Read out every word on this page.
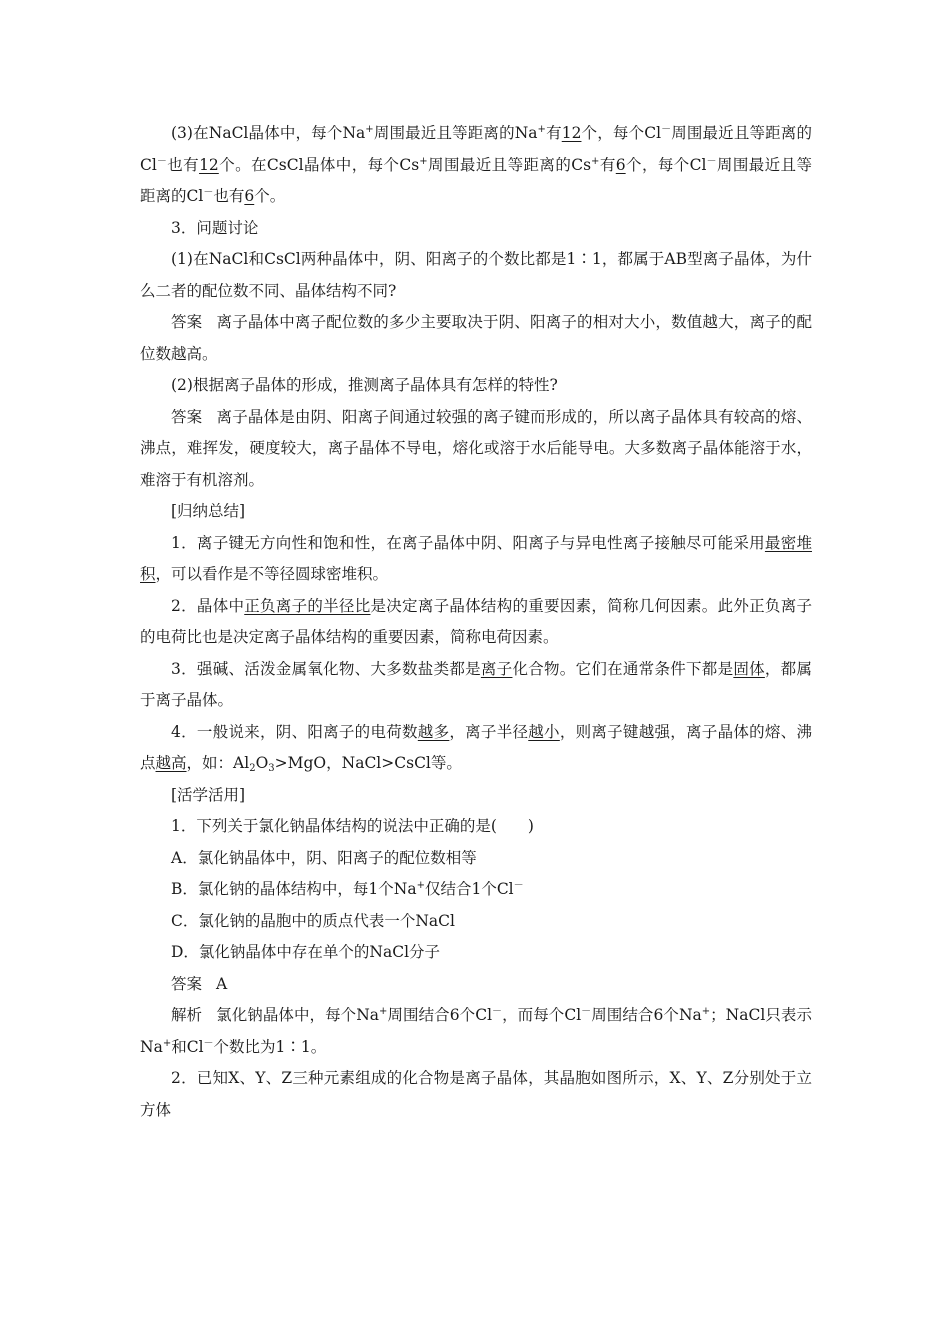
(3)在NaCl晶体中，每个Na+周围最近且等距离的Na+有12个，每个Cl－周围最近且等距离的Cl－也有12个。在CsCl晶体中，每个Cs+周围最近且等距离的Cs+有6个，每个Cl－周围最近且等距离的Cl－也有6个。

3．问题讨论

(1)在NaCl和CsCl两种晶体中，阴、阳离子的个数比都是1∶1，都属于AB型离子晶体，为什么二者的配位数不同、晶体结构不同?

答案 离子晶体中离子配位数的多少主要取决于阴、阳离子的相对大小，数值越大，离子的配位数越高。

(2)根据离子晶体的形成，推测离子晶体具有怎样的特性?

答案 离子晶体是由阴、阳离子间通过较强的离子键而形成的，所以离子晶体具有较高的熔、沸点，难挥发，硬度较大，离子晶体不导电，熔化或溶于水后能导电。大多数离子晶体能溶于水，难溶于有机溶剂。

[归纳总结]

1．离子键无方向性和饱和性，在离子晶体中阴、阳离子与异电性离子接触尽可能采用最密堆积，可以看作是不等径圆球密堆积。

2．晶体中正负离子的半径比是决定离子晶体结构的重要因素，简称几何因素。此外正负离子的电荷比也是决定离子晶体结构的重要因素，简称电荷因素。

3．强碱、活泼金属氧化物、大多数盐类都是离子化合物。它们在通常条件下都是固体，都属于离子晶体。

4．一般说来，阴、阳离子的电荷数越多，离子半径越小，则离子键越强，离子晶体的熔、沸点越高，如：$Al_2O_3>MgO$，NaCl>CsCl等。

[活学活用]

1．下列关于氯化钠晶体结构的说法中正确的是(　　)

A．氯化钠晶体中，阴、阳离子的配位数相等

B．氯化钠的晶体结构中，每1个Na+仅结合1个Cl－

C．氯化钠的晶胞中的质点代表一个NaCl

D．氯化钠晶体中存在单个的NaCl分子

答案 A

解析 氯化钠晶体中，每个Na+周围结合6个Cl－，而每个Cl－周围结合6个Na+；NaCl只表示Na+和Cl－个数比为1∶1。

2．已知X、Y、Z三种元素组成的化合物是离子晶体，其晶胞如图所示，X、Y、Z分别处于立方体
